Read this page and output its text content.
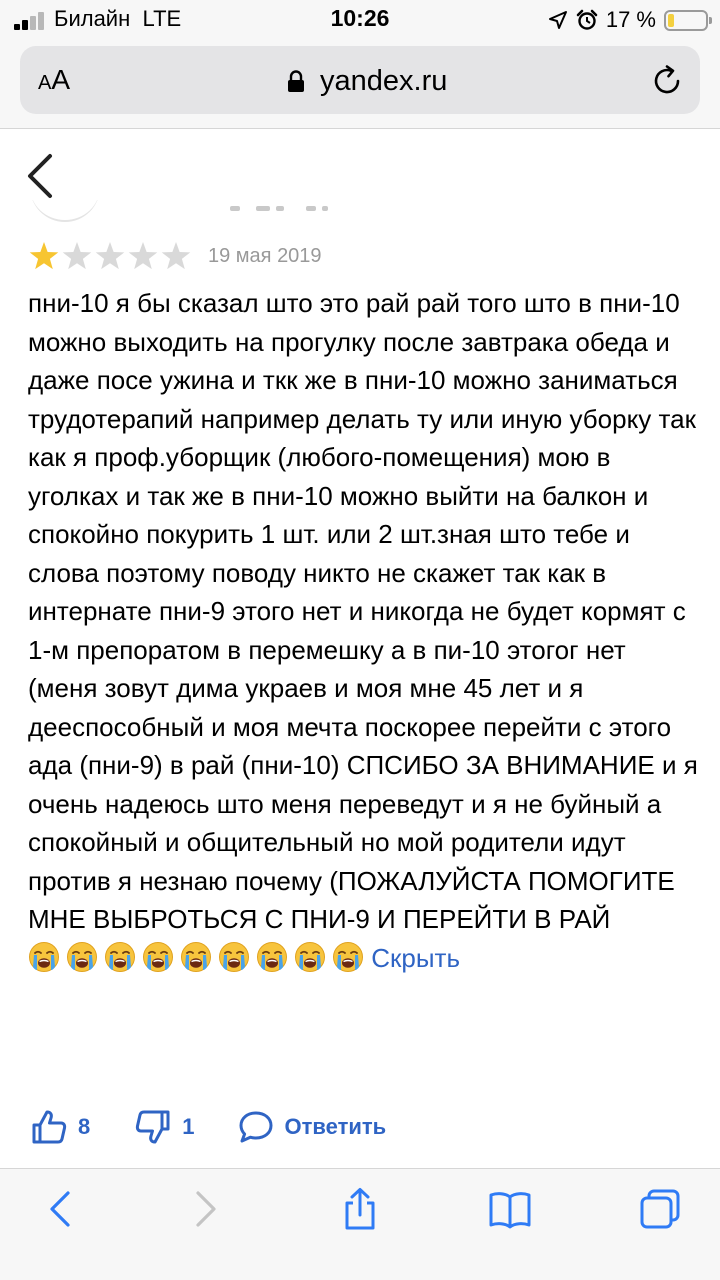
Билайн LTE	10:26	17 %
AA	yandex.ru
19 мая 2019
пни-10 я бы сказал што это рай рай того што в пни-10 можно выходить на прогулку после завтрака обеда и даже посе ужина и ткк же в пни-10 можно заниматься трудотерапий например делать ту или иную уборку так как я проф.уборщик (любого-помещения) мою в уголках и так же в пни-10 можно выйти на балкон и спокойно покурить 1 шт. или 2 шт.зная што тебе и слова поэтому поводу никто не скажет так как в интернате пни-9 этого нет и никогда не будет кормят с 1-м препоратом в перемешку а в пи-10 этогог нет (меня зовут дима украев и моя мне 45 лет и я дееспособный и моя мечта поскорее перейти с этого ада (пни-9) в рай (пни-10) СПСИБО ЗА ВНИМАНИЕ и я очень надеюсь што меня переведут и я не буйный а спокойный и общительный но мой родители идут против я незнаю почему (ПОЖАЛУЙСТА ПОМОГИТЕ МНЕ ВЫБРОТЬСЯ С ПНИ-9 И ПЕРЕЙТИ В РАЙ
Скрыть
8	1	Ответить
